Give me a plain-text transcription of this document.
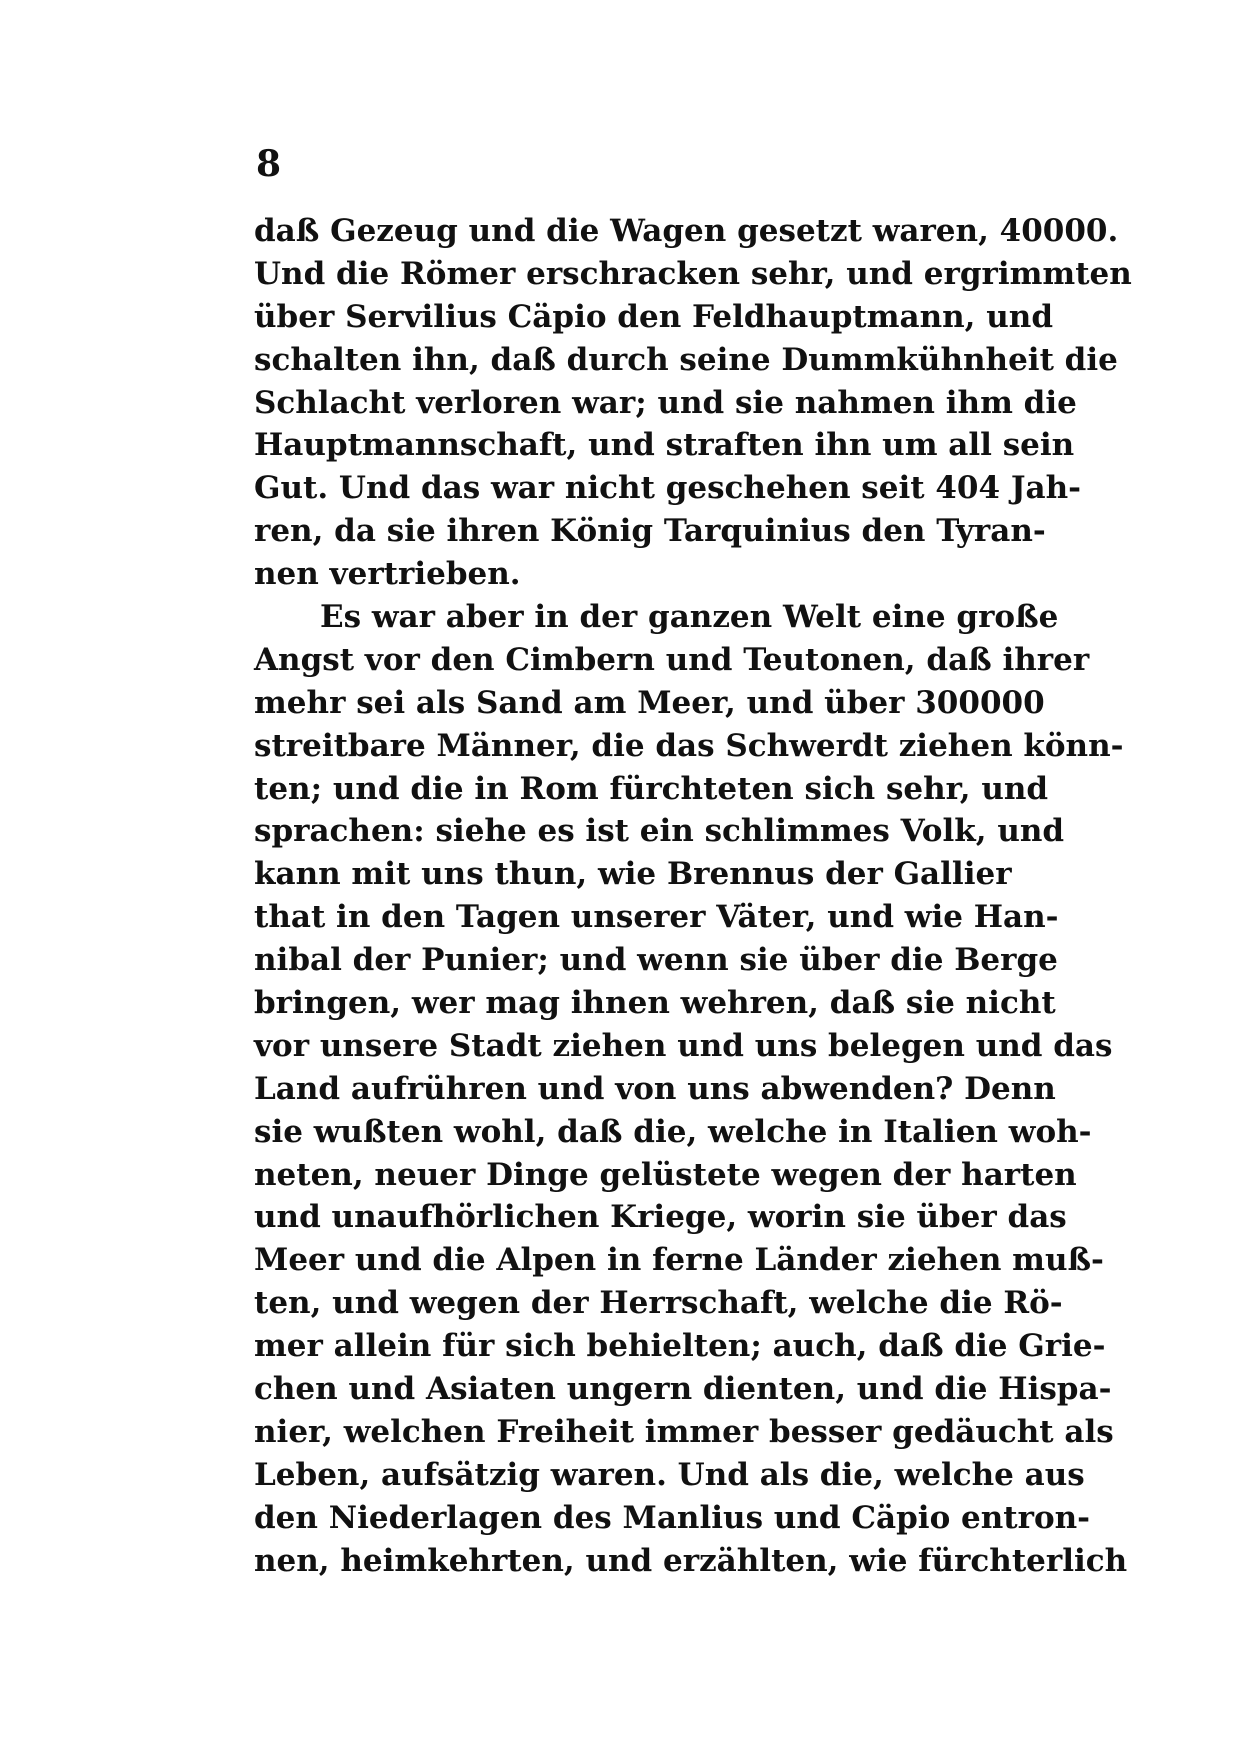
8
daß Gezeug und die Wagen gesetzt waren, 40000.
Und die Römer erschracken sehr, und ergrimmten
über Servilius Cäpio den Feldhauptmann, und
schalten ihn, daß durch seine Dummkühnheit die
Schlacht verloren war; und sie nahmen ihm die
Hauptmannschaft, und straften ihn um all sein
Gut. Und das war nicht geschehen seit 404 Jah-
ren, da sie ihren König Tarquinius den Tyran-
nen vertrieben.
Es war aber in der ganzen Welt eine große
Angst vor den Cimbern und Teutonen, daß ihrer
mehr sei als Sand am Meer, und über 300000
streitbare Männer, die das Schwerdt ziehen könn-
ten; und die in Rom fürchteten sich sehr, und
sprachen: siehe es ist ein schlimmes Volk, und
kann mit uns thun, wie Brennus der Gallier
that in den Tagen unserer Väter, und wie Han-
nibal der Punier; und wenn sie über die Berge
bringen, wer mag ihnen wehren, daß sie nicht
vor unsere Stadt ziehen und uns belegen und das
Land aufrühren und von uns abwenden? Denn
sie wußten wohl, daß die, welche in Italien woh-
neten, neuer Dinge gelüstete wegen der harten
und unaufhörlichen Kriege, worin sie über das
Meer und die Alpen in ferne Länder ziehen muß-
ten, und wegen der Herrschaft, welche die Rö-
mer allein für sich behielten; auch, daß die Grie-
chen und Asiaten ungern dienten, und die Hispa-
nier, welchen Freiheit immer besser gedäucht als
Leben, aufsätzig waren. Und als die, welche aus
den Niederlagen des Manlius und Cäpio entron-
nen, heimkehrten, und erzählten, wie fürchterlich
